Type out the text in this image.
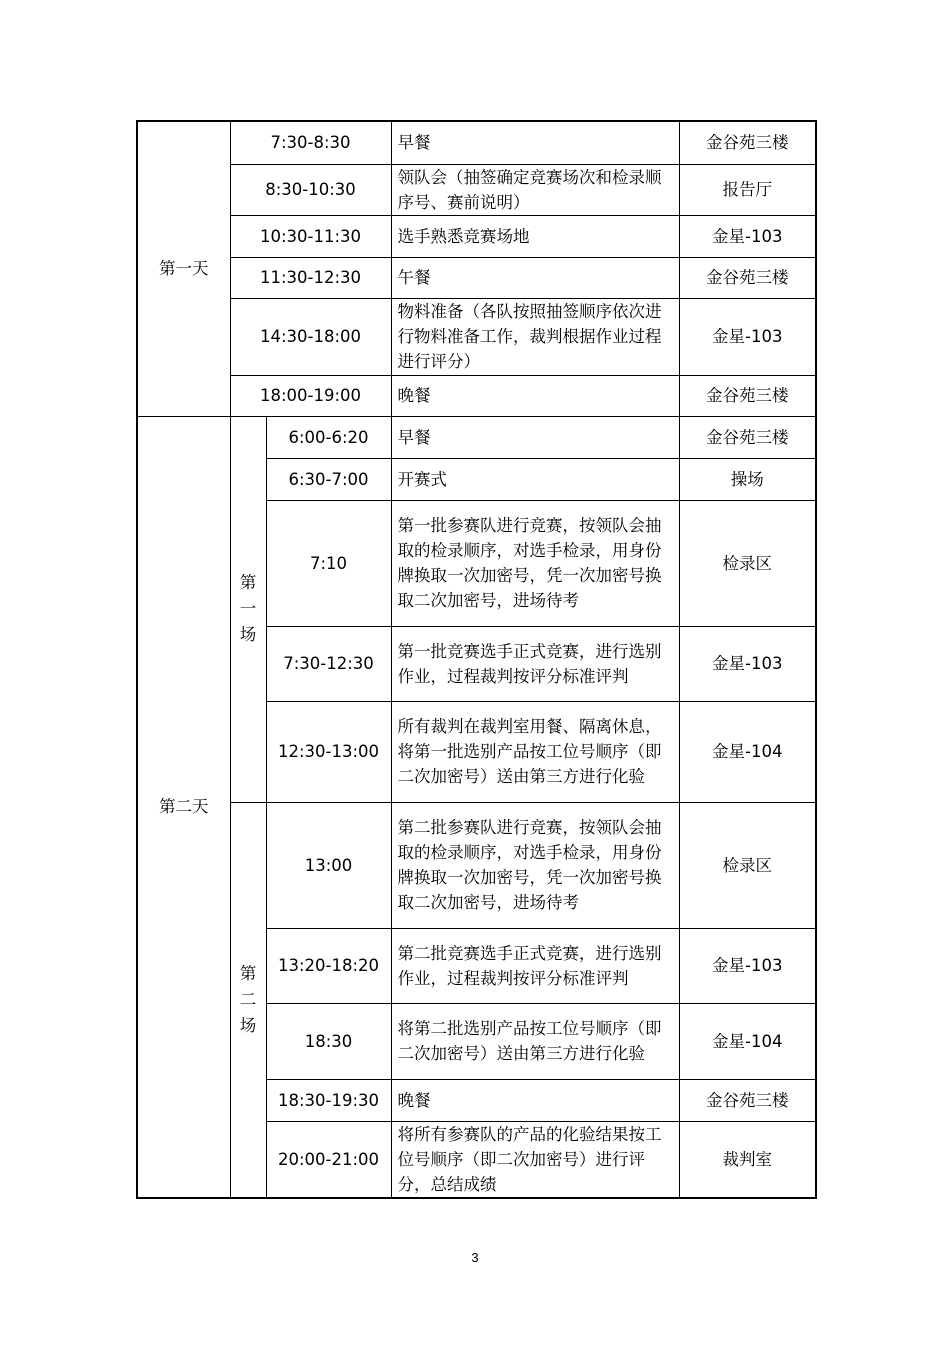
第一天	7:30-8:30		早餐	金谷苑三楼
	8:30-10:30		领队会（抽签确定竞赛场次和检录顺序号、赛前说明）	报告厅
	10:30-11:30		选手熟悉竞赛场地	金星-103
	11:30-12:30		午餐	金谷苑三楼
	14:30-18:00		物料准备（各队按照抽签顺序依次进行物料准备工作，裁判根据作业过程进行评分）	金星-103
	18:00-19:00		晚餐	金谷苑三楼
第二天	第一场	6:00-6:20	早餐	金谷苑三楼
		6:30-7:00	开赛式	操场
		7:10	第一批参赛队进行竞赛，按领队会抽取的检录顺序，对选手检录，用身份牌换取一次加密号，凭一次加密号换取二次加密号，进场待考	检录区
		7:30-12:30	第一批竞赛选手正式竞赛，进行选别作业，过程裁判按评分标准评判	金星-103
		12:30-13:00	所有裁判在裁判室用餐、隔离休息，将第一批选别产品按工位号顺序（即二次加密号）送由第三方进行化验	金星-104
	第二场	13:00	第二批参赛队进行竞赛，按领队会抽取的检录顺序，对选手检录，用身份牌换取一次加密号，凭一次加密号换取二次加密号，进场待考	检录区
		13:20-18:20	第二批竞赛选手正式竞赛，进行选别作业，过程裁判按评分标准评判	金星-103
		18:30	将第二批选别产品按工位号顺序（即二次加密号）送由第三方进行化验	金星-104
		18:30-19:30	晚餐	金谷苑三楼
		20:00-21:00	将所有参赛队的产品的化验结果按工位号顺序（即二次加密号）进行评分，总结成绩	裁判室
3
